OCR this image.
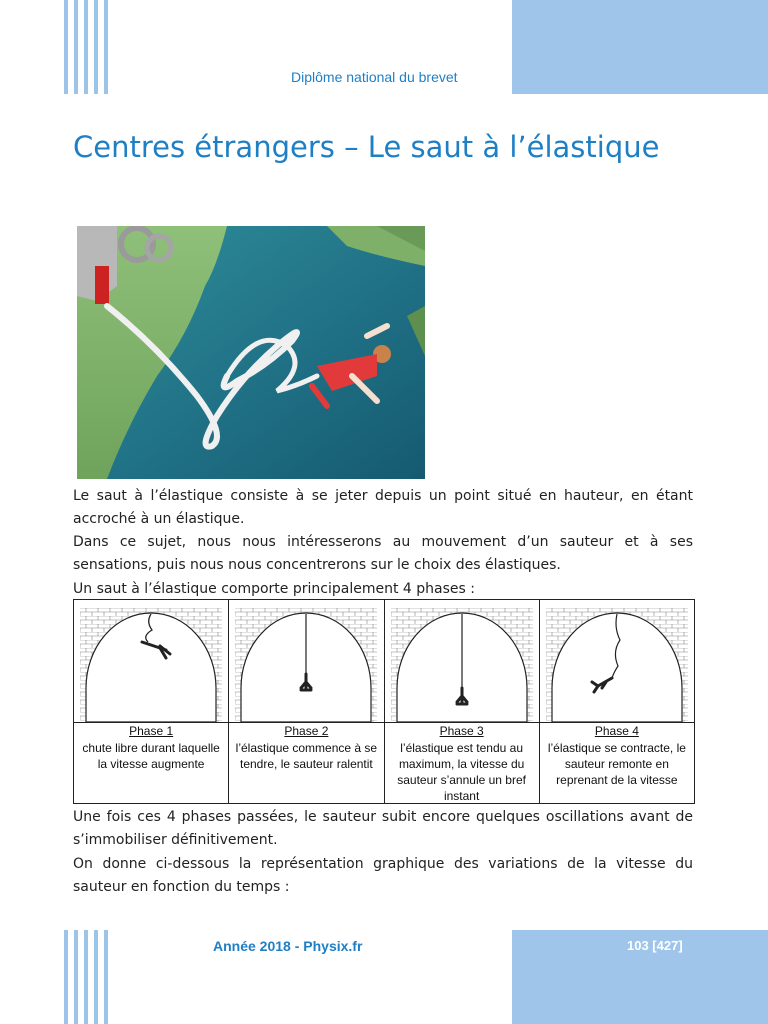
Diplôme national du brevet
Centres étrangers – Le saut à l’élastique
Le saut à l’élastique consiste à se jeter depuis un point situé en hauteur, en étant accroché à un élastique.
Dans ce sujet, nous nous intéresserons au mouvement d’un sauteur et à ses sensations, puis nous nous concentrerons sur le choix des élastiques.
Un saut à l’élastique comporte principalement 4 phases :
Phase 1
chute libre durant laquelle la vitesse augmente
Phase 2
l’élastique commence à se tendre, le sauteur ralentit
Phase 3
l’élastique est tendu au maximum, la vitesse du sauteur s’annule un bref instant
Phase 4
l’élastique se contracte, le sauteur remonte en reprenant de la vitesse
Une fois ces 4 phases passées, le sauteur subit encore quelques oscillations avant de s’immobiliser définitivement.
On donne ci-dessous la représentation graphique des variations de la vitesse du sauteur en fonction du temps :
Année 2018 - Physix.fr	103 [427]
